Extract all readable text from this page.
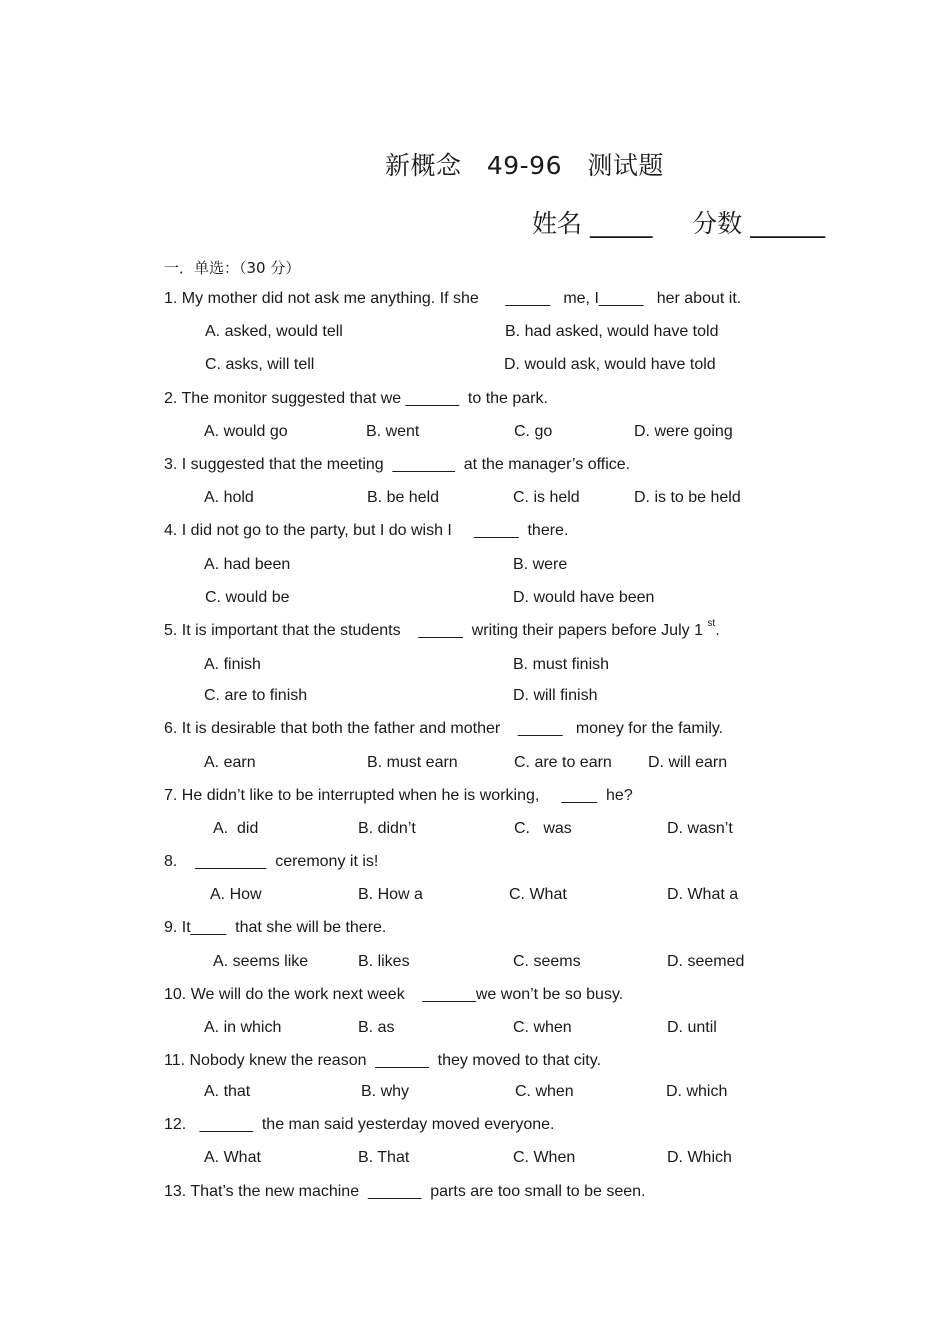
新概念   49-96   测试题
姓名 _____     分数 ______
一．单选：（30 分）
1. My mother did not ask me anything. If she      _____   me, I_____   her about it.
A. asked, would tell	B. had asked, would have told
C. asks, will tell	D. would ask, would have told
2. The monitor suggested that we ______  to the park.
A. would go	B. went	C. go	D. were going
3. I suggested that the meeting  _______  at the manager’s office.
A. hold	B. be held	C. is held	D. is to be held
4. I did not go to the party, but I do wish I     _____  there.
A. had been	B. were
C. would be	D. would have been
5. It is important that the students    _____  writing their papers before July 1 $^{st}$.
A. finish	B. must finish
C. are to finish	D. will finish
6. It is desirable that both the father and mother    _____   money for the family.
A. earn	B. must earn	C. are to earn D. will earn
7. He didn’t like to be interrupted when he is working,     ____  he?
A.  did	B. didn’t	C.   was	D. wasn’t
8.    ________  ceremony it is!
A. How	B. How a	C. What	D. What a
9. It____  that she will be there.
A. seems like	B. likes	C. seems	D. seemed
10. We will do the work next week    ______we won’t be so busy.
A. in which	B. as	C. when	D. until
11. Nobody knew the reason  ______  they moved to that city.
A. that	B. why	C. when	D. which
12.   ______  the man said yesterday moved everyone.
A. What	B. That	C. When	D. Which
13. That’s the new machine  ______  parts are too small to be seen.
